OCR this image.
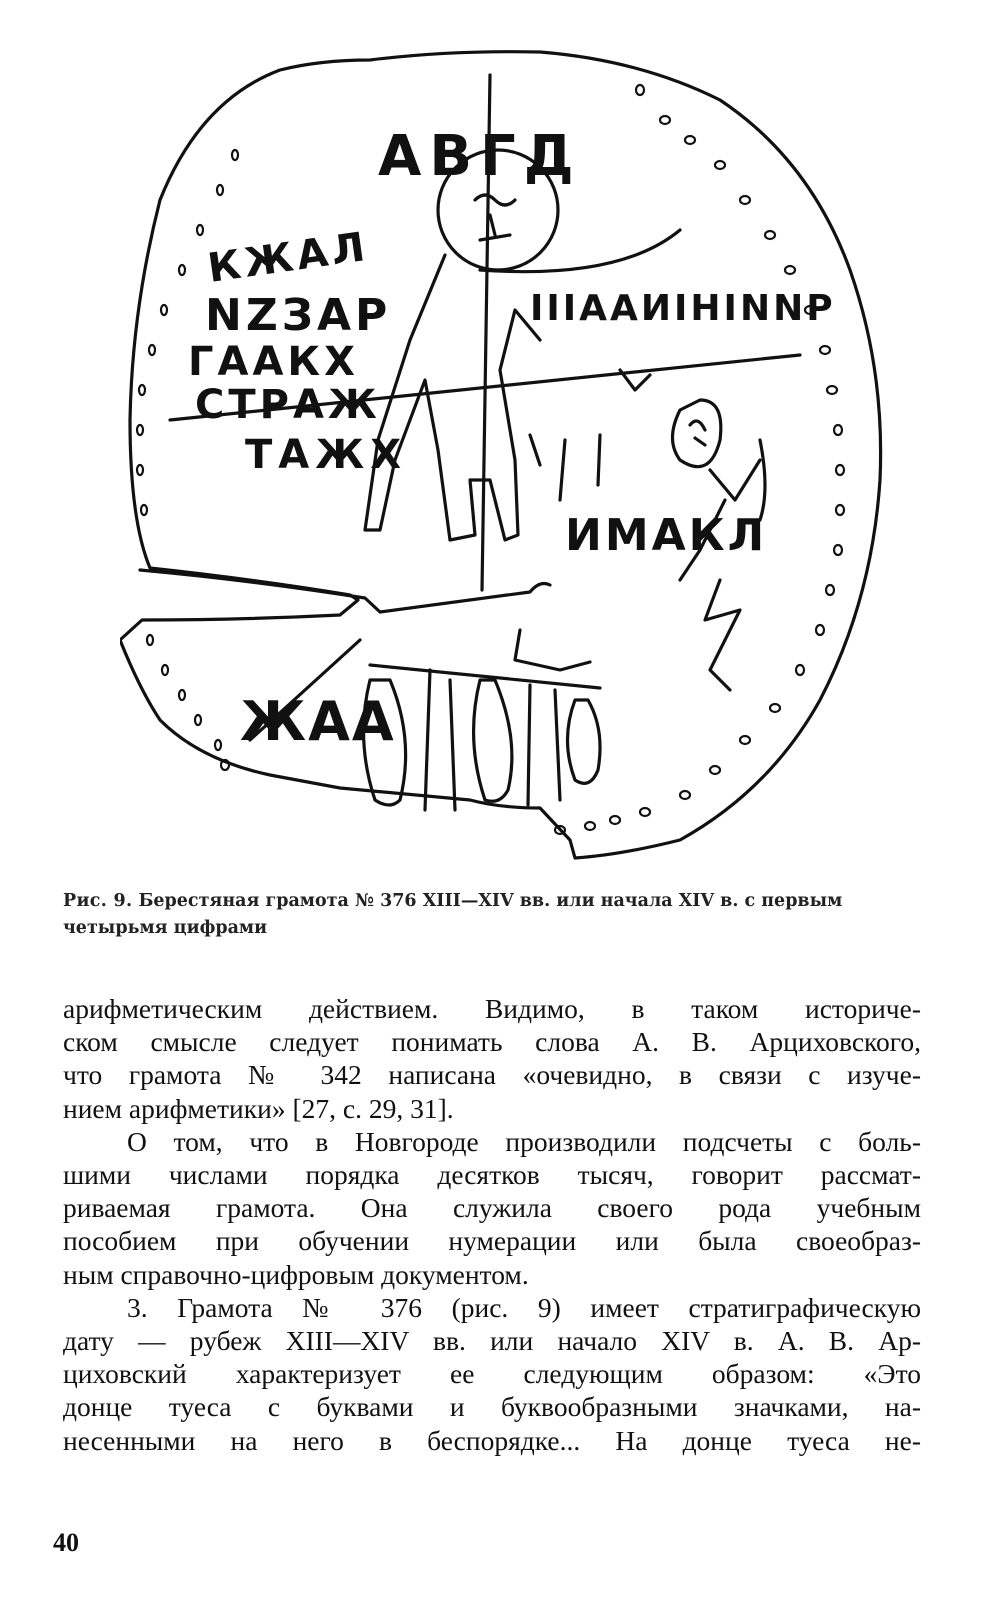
АВГД
КЖАЛ
NZЗАР
ГААКХ
СТРАЖ
ТАЖХ
ІІIAAИІНІNNP
ИМАКЛ
ЖАА
Рис. 9. Берестяная грамота № 376 XIII—XIV вв. или начала XIV в. с первым четырьмя цифрами
арифметическим действием. Видимо, в таком историче-
ском смысле следует понимать слова А. В. Арциховского,
что грамота № 342 написана «очевидно, в связи с изуче-
нием арифметики» [27, с. 29, 31].
О том, что в Новгороде производили подсчеты с боль-
шими числами порядка десятков тысяч, говорит рассмат-
риваемая грамота. Она служила своего рода учебным
пособием при обучении нумерации или была своеобраз-
ным справочно-цифровым документом.
3. Грамота № 376 (рис. 9) имеет стратиграфическую
дату — рубеж XIII—XIV вв. или начало XIV в. А. В. Ар-
циховский характеризует ее следующим образом: «Это
донце туеса с буквами и буквообразными значками, на-
несенными на него в беспорядке... На донце туеса не-
40
